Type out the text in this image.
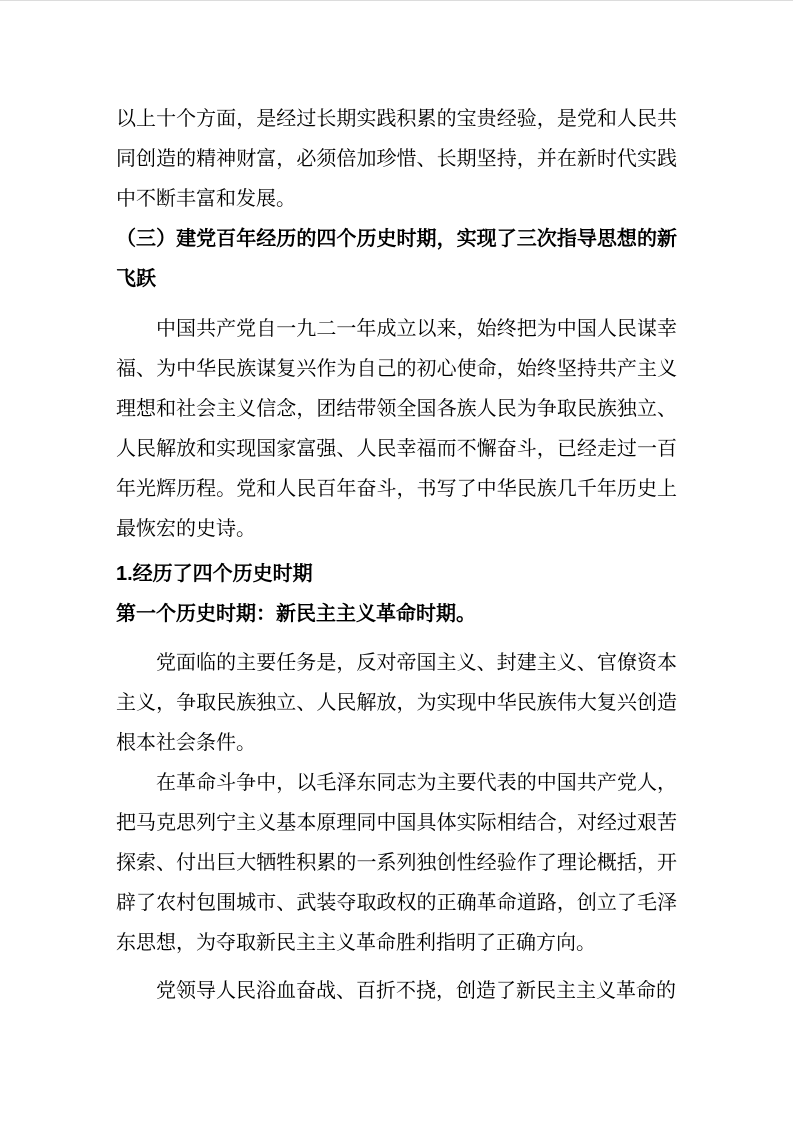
以上十个方面，是经过长期实践积累的宝贵经验，是党和人民共同创造的精神财富，必须倍加珍惜、长期坚持，并在新时代实践中不断丰富和发展。

（三）建党百年经历的四个历史时期，实现了三次指导思想的新飞跃

中国共产党自一九二一年成立以来，始终把为中国人民谋幸福、为中华民族谋复兴作为自己的初心使命，始终坚持共产主义理想和社会主义信念，团结带领全国各族人民为争取民族独立、人民解放和实现国家富强、人民幸福而不懈奋斗，已经走过一百年光辉历程。党和人民百年奋斗，书写了中华民族几千年历史上最恢宏的史诗。

1.经历了四个历史时期
第一个历史时期：新民主主义革命时期。

党面临的主要任务是，反对帝国主义、封建主义、官僚资本主义，争取民族独立、人民解放，为实现中华民族伟大复兴创造根本社会条件。

在革命斗争中，以毛泽东同志为主要代表的中国共产党人，把马克思列宁主义基本原理同中国具体实际相结合，对经过艰苦探索、付出巨大牺牲积累的一系列独创性经验作了理论概括，开辟了农村包围城市、武装夺取政权的正确革命道路，创立了毛泽东思想，为夺取新民主主义革命胜利指明了正确方向。

党领导人民浴血奋战、百折不挠，创造了新民主主义革命的
